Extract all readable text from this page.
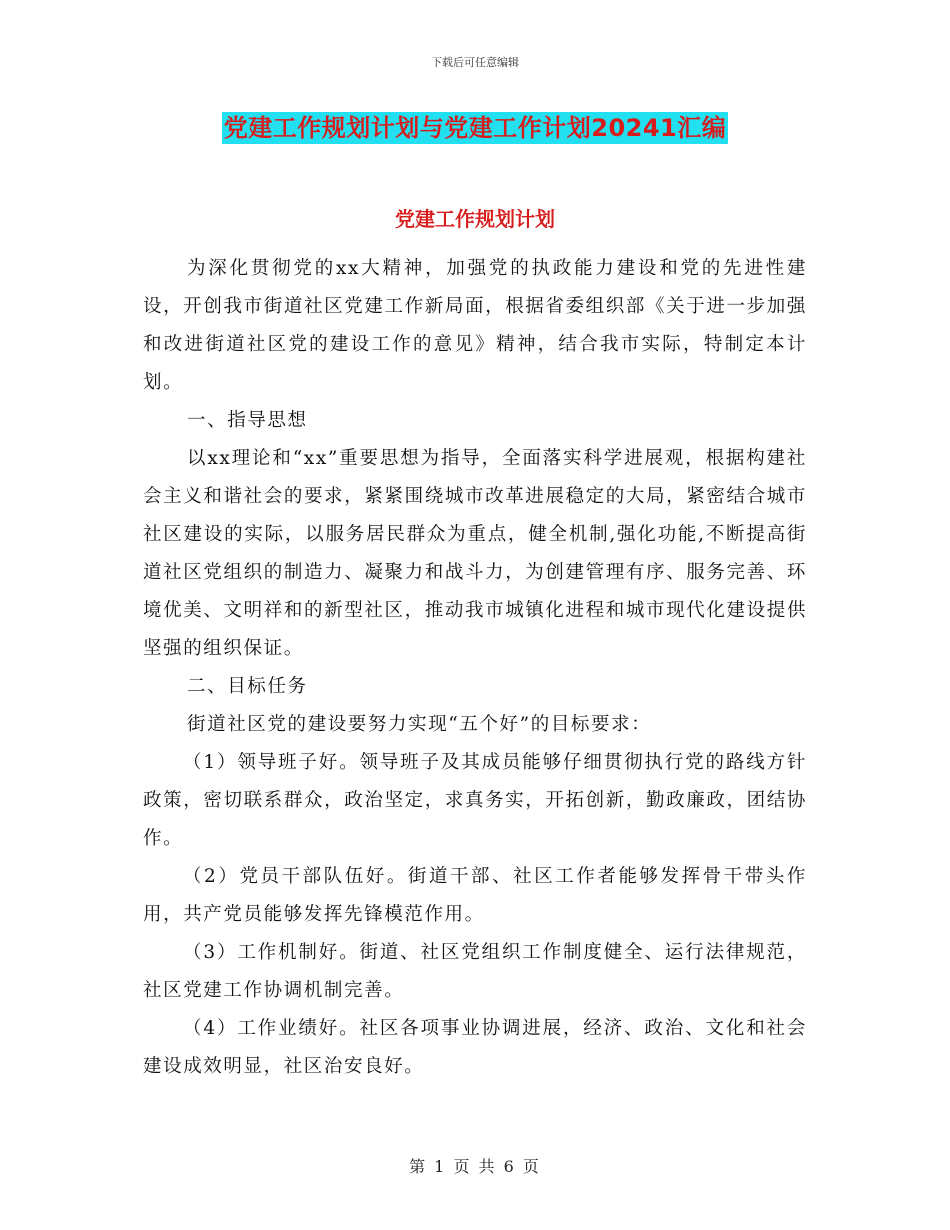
下载后可任意编辑
党建工作规划计划与党建工作计划20241汇编
党建工作规划计划

为深化贯彻党的xx大精神，加强党的执政能力建设和党的先进性建设，开创我市街道社区党建工作新局面，根据省委组织部《关于进一步加强和改进街道社区党的建设工作的意见》精神，结合我市实际，特制定本计划。

一、指导思想

以xx理论和“xx”重要思想为指导，全面落实科学进展观，根据构建社会主义和谐社会的要求，紧紧围绕城市改革进展稳定的大局，紧密结合城市社区建设的实际，以服务居民群众为重点，健全机制,强化功能,不断提高街道社区党组织的制造力、凝聚力和战斗力，为创建管理有序、服务完善、环境优美、文明祥和的新型社区，推动我市城镇化进程和城市现代化建设提供坚强的组织保证。

二、目标任务

街道社区党的建设要努力实现“五个好”的目标要求：

（1）领导班子好。领导班子及其成员能够仔细贯彻执行党的路线方针政策，密切联系群众，政治坚定，求真务实，开拓创新，勤政廉政，团结协作。

（2）党员干部队伍好。街道干部、社区工作者能够发挥骨干带头作用，共产党员能够发挥先锋模范作用。

（3）工作机制好。街道、社区党组织工作制度健全、运行法律规范，社区党建工作协调机制完善。

（4）工作业绩好。社区各项事业协调进展，经济、政治、文化和社会建设成效明显，社区治安良好。

第 1 页 共 6 页
